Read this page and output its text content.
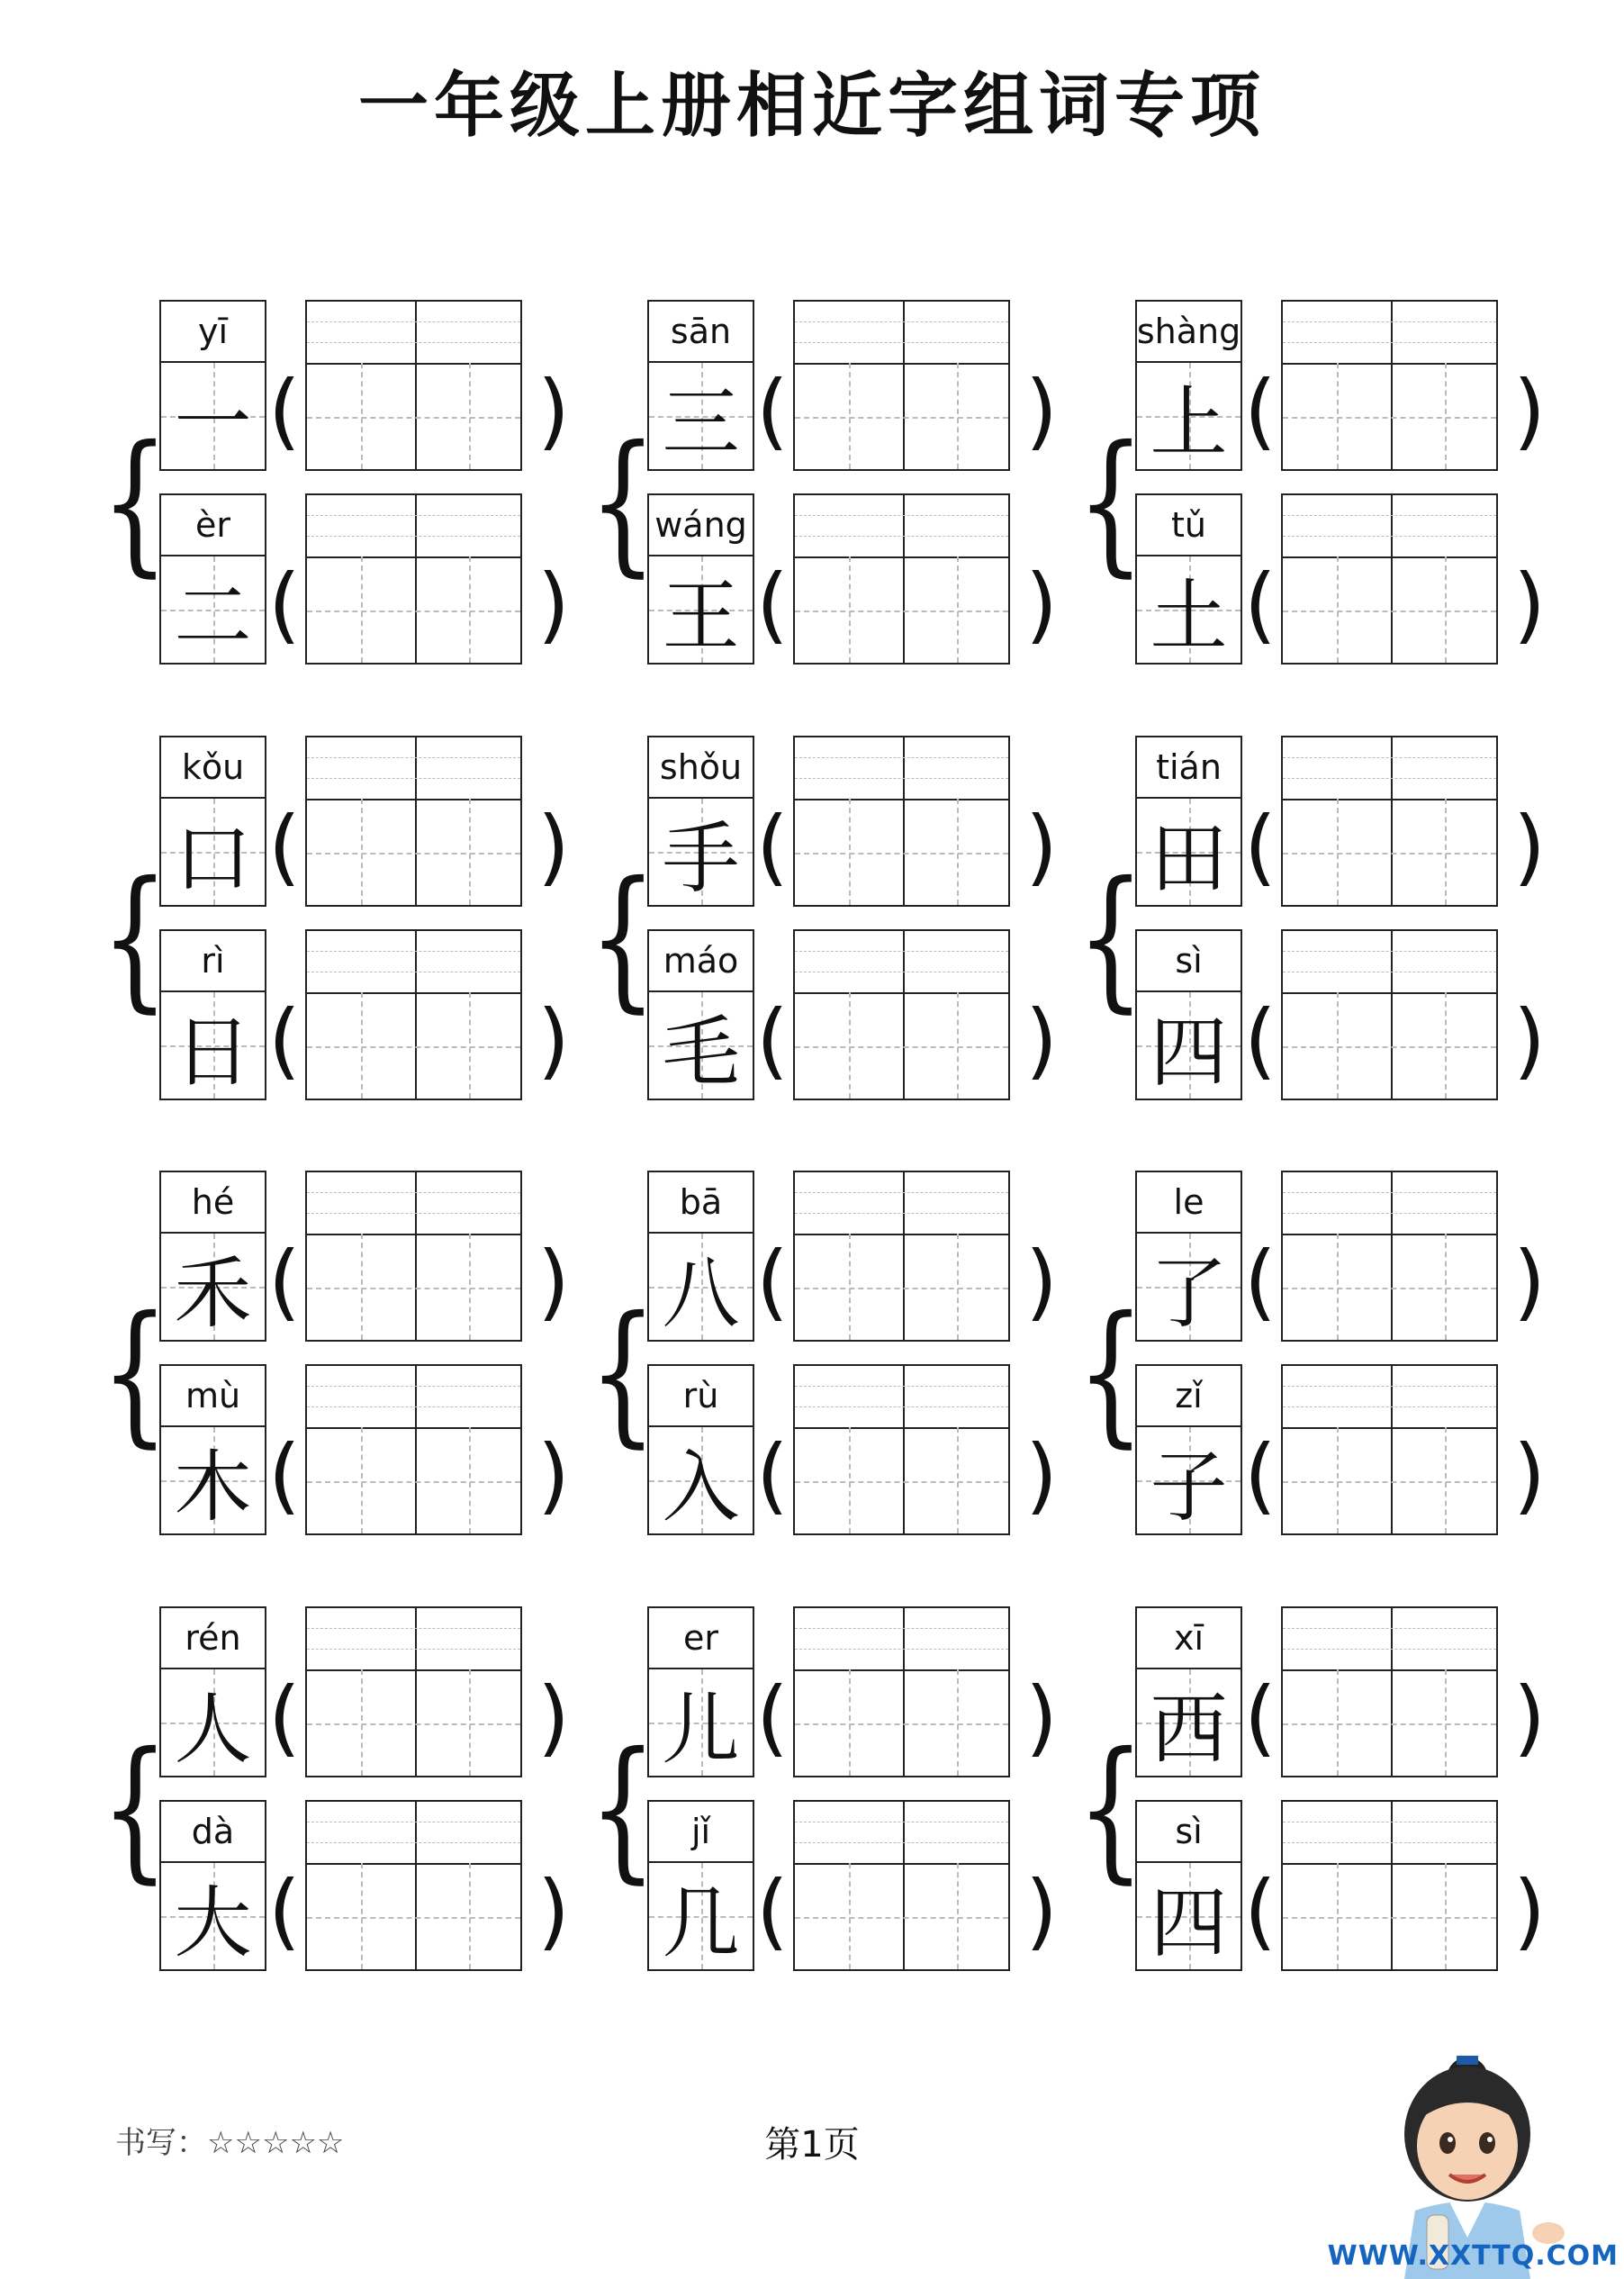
一年级上册相近字组词专项
{
yī
一 (	)
èr
二 (	)
{
sān
三 (	)
wáng
王 (	)
{
shàng
上 (	)
tǔ
土 (	)
{
kǒu
口 (	)
rì
日 (	)
{
shǒu
手 (	)
máo
毛 (	)
{
tián
田 (	)
sì
四 (	)
{
hé
禾 (	)
mù
木 (	)
{
bā
八 (	)
rù
入 (	)
{
le
了 (	)
zǐ
子 (	)
{
rén
人 (	)
dà
大 (	)
{
er
儿 (	)
jǐ
几 (	)
{
xī
西 (	)
sì
四 (	)
书写：☆☆☆☆☆	第1页
WWW.XXTTQ.COM
